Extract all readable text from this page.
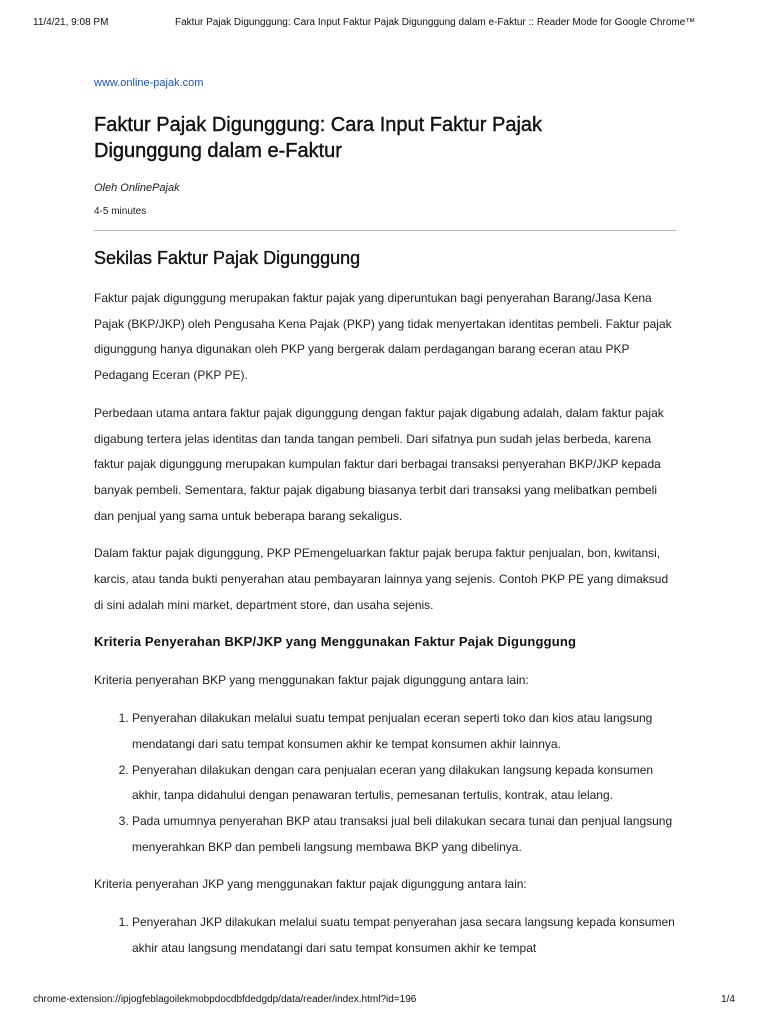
11/4/21, 9:08 PM	Faktur Pajak Digunggung: Cara Input Faktur Pajak Digunggung dalam e-Faktur :: Reader Mode for Google Chrome™
www.online-pajak.com
Faktur Pajak Digunggung: Cara Input Faktur Pajak Digunggung dalam e-Faktur
Oleh OnlinePajak
4-5 minutes
Sekilas Faktur Pajak Digunggung

Faktur pajak digunggung merupakan faktur pajak yang diperuntukan bagi penyerahan Barang/Jasa Kena Pajak (BKP/JKP) oleh Pengusaha Kena Pajak (PKP) yang tidak menyertakan identitas pembeli. Faktur pajak digunggung hanya digunakan oleh PKP yang bergerak dalam perdagangan barang eceran atau PKP Pedagang Eceran (PKP PE).

Perbedaan utama antara faktur pajak digunggung dengan faktur pajak digabung adalah, dalam faktur pajak digabung tertera jelas identitas dan tanda tangan pembeli. Dari sifatnya pun sudah jelas berbeda, karena faktur pajak digunggung merupakan kumpulan faktur dari berbagai transaksi penyerahan BKP/JKP kepada banyak pembeli. Sementara, faktur pajak digabung biasanya terbit dari transaksi yang melibatkan pembeli dan penjual yang sama untuk beberapa barang sekaligus.

Dalam faktur pajak digunggung, PKP PEmengeluarkan faktur pajak berupa faktur penjualan, bon, kwitansi, karcis, atau tanda bukti penyerahan atau pembayaran lainnya yang sejenis. Contoh PKP PE yang dimaksud di sini adalah mini market, department store, dan usaha sejenis.

Kriteria Penyerahan BKP/JKP yang Menggunakan Faktur Pajak Digunggung

Kriteria penyerahan BKP yang menggunakan faktur pajak digunggung antara lain:

1. Penyerahan dilakukan melalui suatu tempat penjualan eceran seperti toko dan kios atau langsung mendatangi dari satu tempat konsumen akhir ke tempat konsumen akhir lainnya.
2. Penyerahan dilakukan dengan cara penjualan eceran yang dilakukan langsung kepada konsumen akhir, tanpa didahului dengan penawaran tertulis, pemesanan tertulis, kontrak, atau lelang.
3. Pada umumnya penyerahan BKP atau transaksi jual beli dilakukan secara tunai dan penjual langsung menyerahkan BKP dan pembeli langsung membawa BKP yang dibelinya.

Kriteria penyerahan JKP yang menggunakan faktur pajak digunggung antara lain:

1. Penyerahan JKP dilakukan melalui suatu tempat penyerahan jasa secara langsung kepada konsumen akhir atau langsung mendatangi dari satu tempat konsumen akhir ke tempat
chrome-extension://ipjogfeblagoilekmobpdocdbfdedgdp/data/reader/index.html?id=196	1/4
